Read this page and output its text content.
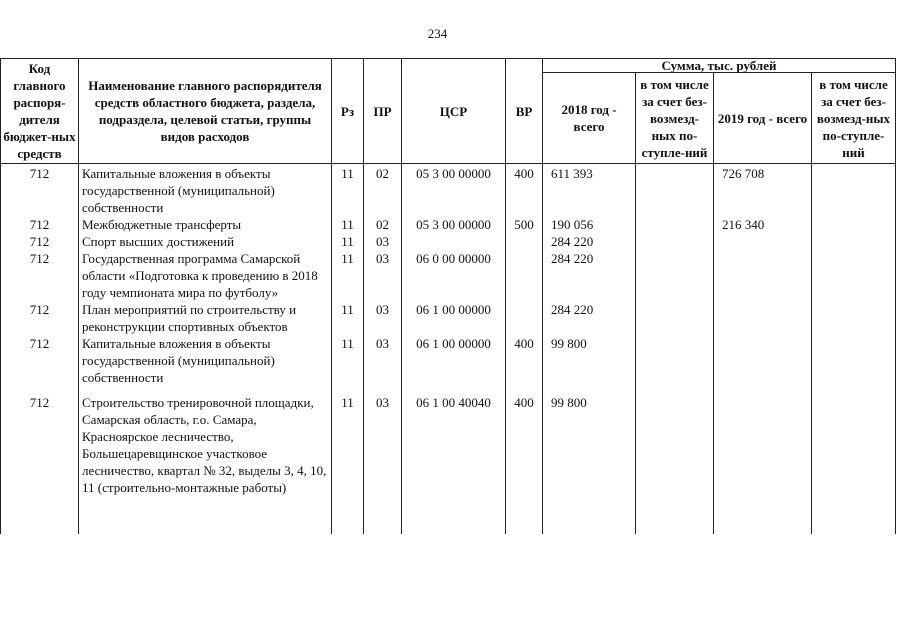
234
Код главного распоря-дителя бюджет-ных средств	Наименование главного распорядителя средств областного бюджета, раздела, подраздела, целевой статьи, группы видов расходов	Рз	ПР	ЦСР	ВР	Сумма, тыс. рублей			
						2018 год - всего	в том числе за счет без-возмезд-ных по-ступле-ний	2019 год - всего	в том числе за счет без-возмезд-ных по-ступле-ний
712	Капитальные вложения в объекты государственной (муниципальной) собственности	11	02	05 3 00 00000	400	611 393		726 708	
712	Межбюджетные трансферты	11	02	05 3 00 00000	500	190 056		216 340	
712	Спорт высших достижений	11	03			284 220			
712	Государственная программа Самарской области «Подготовка к проведению в 2018 году чемпионата мира по футболу»	11	03	06 0 00 00000		284 220			
712	План мероприятий по строительству и реконструкции спортивных объектов	11	03	06 1 00 00000		284 220			
712	Капитальные вложения в объекты государственной (муниципальной) собственности	11	03	06 1 00 00000	400	99 800			

712	Строительство тренировочной площадки, Самарская область, г.о. Самара, Красноярское лесничество, Большецаревщинское участковое лесничество, квартал № 32, выделы 3, 4, 10, 11 (строительно-монтажные работы)	11	03	06 1 00 40040	400	99 800			
